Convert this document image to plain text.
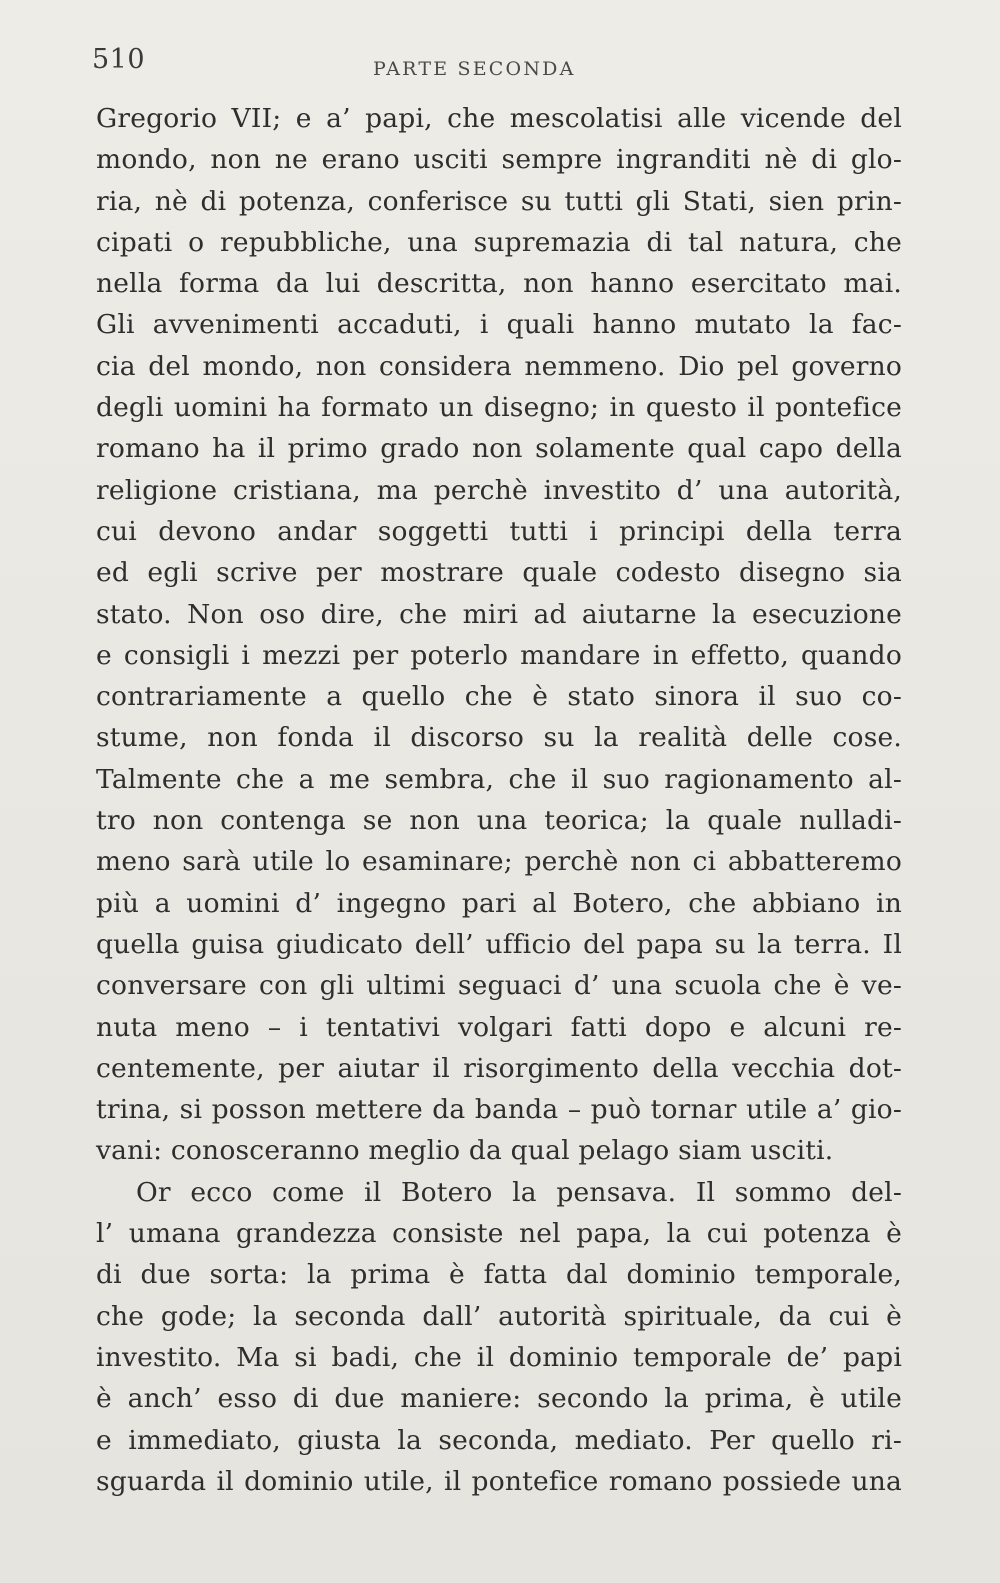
510	PARTE SECONDA
Gregorio VII; e a’ papi, che mescolatisi alle vicende del
mondo, non ne erano usciti sempre ingranditi nè di glo-
ria, nè di potenza, conferisce su tutti gli Stati, sien prin-
cipati o repubbliche, una supremazia di tal natura, che
nella forma da lui descritta, non hanno esercitato mai.
Gli avvenimenti accaduti, i quali hanno mutato la fac-
cia del mondo, non considera nemmeno. Dio pel governo
degli uomini ha formato un disegno; in questo il pontefice
romano ha il primo grado non solamente qual capo della
religione cristiana, ma perchè investito d’ una autorità,
cui devono andar soggetti tutti i principi della terra
ed egli scrive per mostrare quale codesto disegno sia
stato. Non oso dire, che miri ad aiutarne la esecuzione
e consigli i mezzi per poterlo mandare in effetto, quando
contrariamente a quello che è stato sinora il suo co-
stume, non fonda il discorso su la realità delle cose.
Talmente che a me sembra, che il suo ragionamento al-
tro non contenga se non una teorica; la quale nulladi-
meno sarà utile lo esaminare; perchè non ci abbatteremo
più a uomini d’ ingegno pari al Botero, che abbiano in
quella guisa giudicato dell’ ufficio del papa su la terra. Il
conversare con gli ultimi seguaci d’ una scuola che è ve-
nuta meno – i tentativi volgari fatti dopo e alcuni re-
centemente, per aiutar il risorgimento della vecchia dot-
trina, si posson mettere da banda – può tornar utile a’ gio-
vani: conosceranno meglio da qual pelago siam usciti.
Or ecco come il Botero la pensava. Il sommo del-
l’ umana grandezza consiste nel papa, la cui potenza è
di due sorta: la prima è fatta dal dominio temporale,
che gode; la seconda dall’ autorità spirituale, da cui è
investito. Ma si badi, che il dominio temporale de’ papi
è anch’ esso di due maniere: secondo la prima, è utile
e immediato, giusta la seconda, mediato. Per quello ri-
sguarda il dominio utile, il pontefice romano possiede una
